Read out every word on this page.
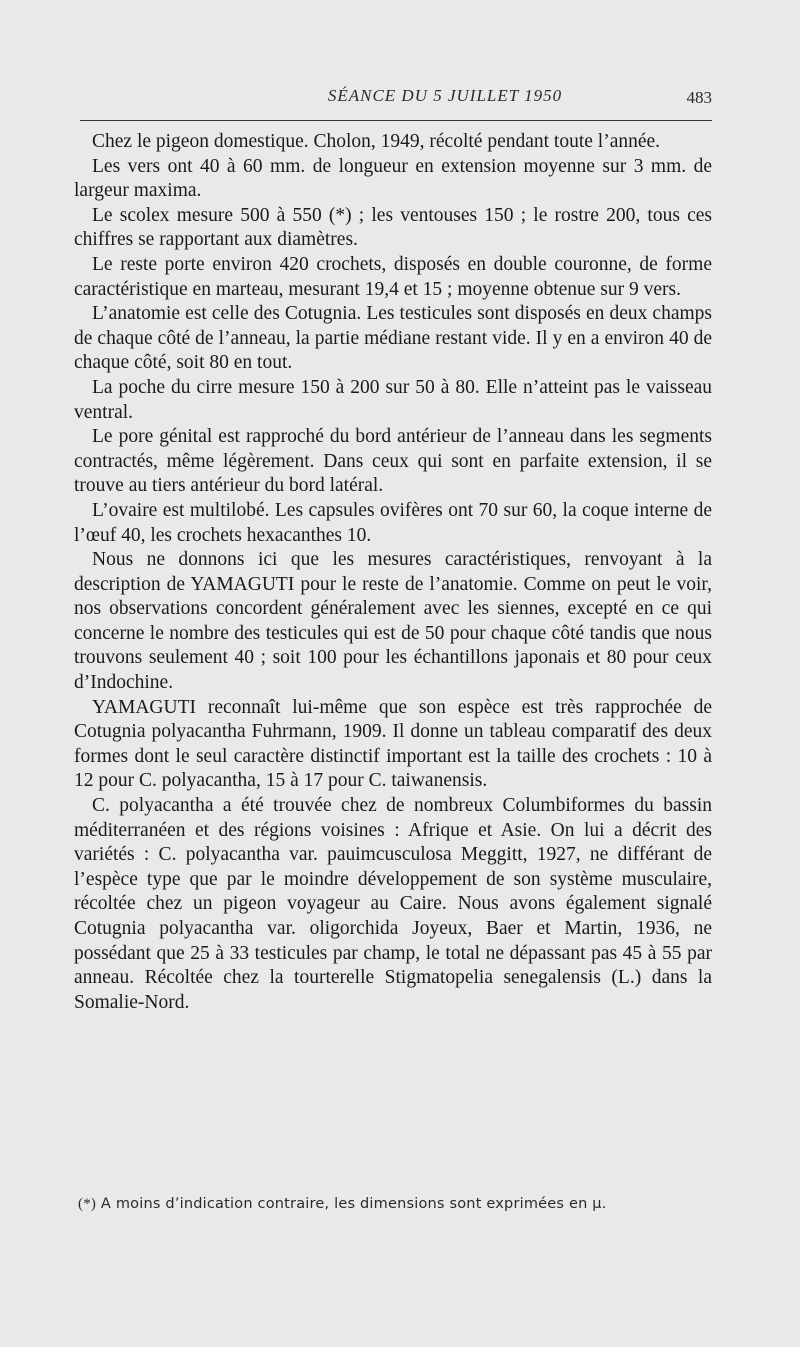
SÉANCE DU 5 JUILLET 1950	483

Chez le pigeon domestique. Cholon, 1949, récolté pendant toute l’année.

Les vers ont 40 à 60 mm. de longueur en extension moyenne sur 3 mm. de largeur maxima.

Le scolex mesure 500 à 550 (*) ; les ventouses 150 ; le rostre 200, tous ces chiffres se rapportant aux diamètres.

Le reste porte environ 420 crochets, disposés en double couronne, de forme caractéristique en marteau, mesurant 19,4 et 15 ; moyenne obtenue sur 9 vers.

L’anatomie est celle des Cotugnia. Les testicules sont disposés en deux champs de chaque côté de l’anneau, la partie médiane restant vide. Il y en a environ 40 de chaque côté, soit 80 en tout.

La poche du cirre mesure 150 à 200 sur 50 à 80. Elle n’atteint pas le vaisseau ventral.

Le pore génital est rapproché du bord antérieur de l’anneau dans les segments contractés, même légèrement. Dans ceux qui sont en parfaite extension, il se trouve au tiers antérieur du bord latéral.

L’ovaire est multilobé. Les capsules ovifères ont 70 sur 60, la coque interne de l’œuf 40, les crochets hexacanthes 10.

Nous ne donnons ici que les mesures caractéristiques, renvoyant à la description de YAMAGUTI pour le reste de l’anatomie. Comme on peut le voir, nos observations concordent généralement avec les siennes, excepté en ce qui concerne le nombre des testicules qui est de 50 pour chaque côté tandis que nous trouvons seulement 40 ; soit 100 pour les échantillons japonais et 80 pour ceux d’Indochine.

YAMAGUTI reconnaît lui-même que son espèce est très rapprochée de Cotugnia polyacantha Fuhrmann, 1909. Il donne un tableau comparatif des deux formes dont le seul caractère distinctif important est la taille des crochets : 10 à 12 pour C. polyacantha, 15 à 17 pour C. taiwanensis.

C. polyacantha a été trouvée chez de nombreux Columbiformes du bassin méditerranéen et des régions voisines : Afrique et Asie. On lui a décrit des variétés : C. polyacantha var. pauimcusculosa Meggitt, 1927, ne différant de l’espèce type que par le moindre développement de son système musculaire, récoltée chez un pigeon voyageur au Caire. Nous avons également signalé Cotugnia polyacantha var. oligorchida Joyeux, Baer et Martin, 1936, ne possédant que 25 à 33 testicules par champ, le total ne dépassant pas 45 à 55 par anneau. Récoltée chez la tourterelle Stigmatopelia senegalensis (L.) dans la Somalie-Nord.

(*) A moins d’indication contraire, les dimensions sont exprimées en μ.
